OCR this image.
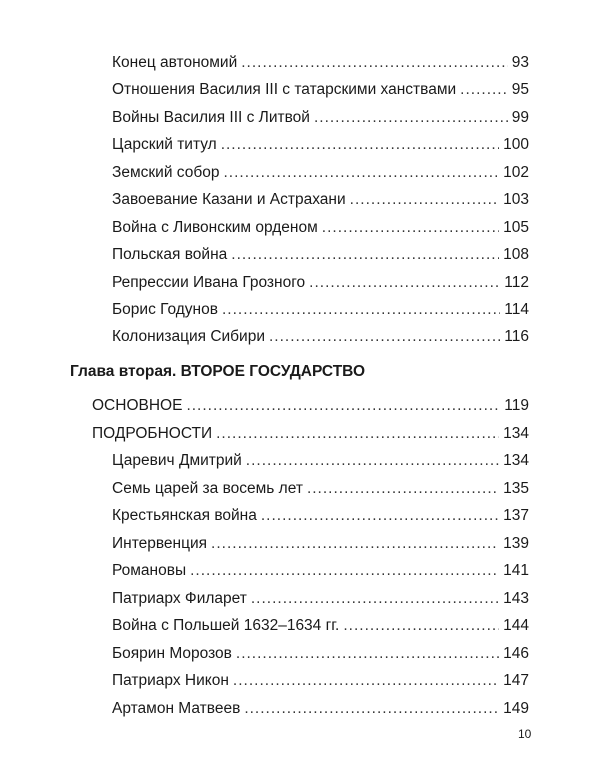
Конец автономий .....	93
Отношения Василия III с татарскими ханствами .....	95
Войны Василия III с Литвой .....	99
Царский титул .....	100
Земский собор .....	102
Завоевание Казани и Астрахани .....	103
Война с Ливонским орденом .....	105
Польская война .....	108
Репрессии Ивана Грозного .....	112
Борис Годунов .....	114
Колонизация Сибири .....	116
Глава вторая. ВТОРОЕ ГОСУДАРСТВО
ОСНОВНОЕ .....	119
ПОДРОБНОСТИ .....	134
Царевич Дмитрий .....	134
Семь царей за восемь лет .....	135
Крестьянская война .....	137
Интервенция .....	139
Романовы .....	141
Патриарх Филарет .....	143
Война с Польшей 1632–1634 гг. .....	144
Боярин Морозов .....	146
Патриарх Никон .....	147
Артамон Матвеев .....	149
10
